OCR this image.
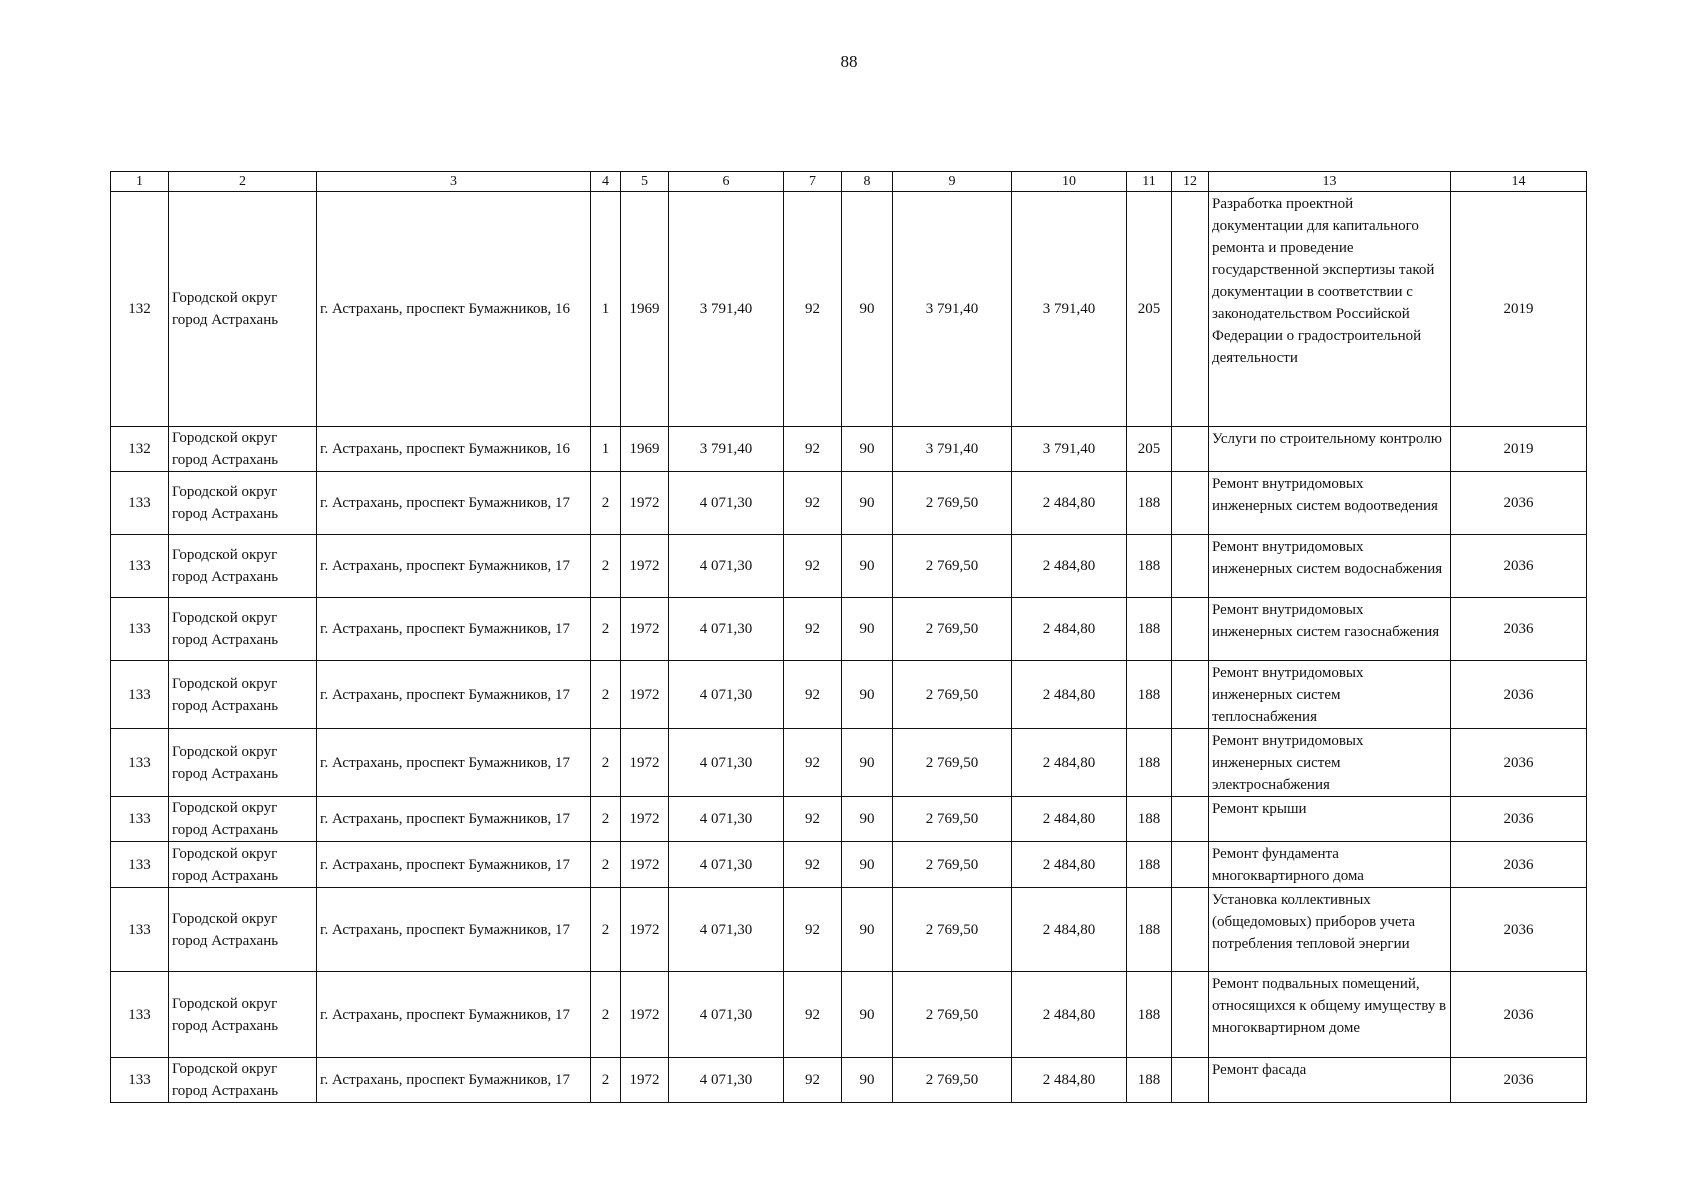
88
1	2	3	4	5	6	7	8	9	10	11	12	13	14
132	Городской округ город Астрахань	г. Астрахань, проспект Бумажников, 16	1	1969	3 791,40	92	90	3 791,40	3 791,40	205		Разработка проектной документации для капитального ремонта и проведение государственной экспертизы такой документации в соответствии с законодательством Российской Федерации о градостроительной деятельности	2019
132	Городской округ город Астрахань	г. Астрахань, проспект Бумажников, 16	1	1969	3 791,40	92	90	3 791,40	3 791,40	205		Услуги по строительному контролю	2019
133	Городской округ город Астрахань	г. Астрахань, проспект Бумажников, 17	2	1972	4 071,30	92	90	2 769,50	2 484,80	188		Ремонт внутридомовых инженерных систем водоотведения	2036
133	Городской округ город Астрахань	г. Астрахань, проспект Бумажников, 17	2	1972	4 071,30	92	90	2 769,50	2 484,80	188		Ремонт внутридомовых инженерных систем водоснабжения	2036
133	Городской округ город Астрахань	г. Астрахань, проспект Бумажников, 17	2	1972	4 071,30	92	90	2 769,50	2 484,80	188		Ремонт внутридомовых инженерных систем газоснабжения	2036
133	Городской округ город Астрахань	г. Астрахань, проспект Бумажников, 17	2	1972	4 071,30	92	90	2 769,50	2 484,80	188		Ремонт внутридомовых инженерных систем теплоснабжения	2036
133	Городской округ город Астрахань	г. Астрахань, проспект Бумажников, 17	2	1972	4 071,30	92	90	2 769,50	2 484,80	188		Ремонт внутридомовых инженерных систем электроснабжения	2036
133	Городской округ город Астрахань	г. Астрахань, проспект Бумажников, 17	2	1972	4 071,30	92	90	2 769,50	2 484,80	188		Ремонт крыши	2036
133	Городской округ город Астрахань	г. Астрахань, проспект Бумажников, 17	2	1972	4 071,30	92	90	2 769,50	2 484,80	188		Ремонт фундамента многоквартирного дома	2036
133	Городской округ город Астрахань	г. Астрахань, проспект Бумажников, 17	2	1972	4 071,30	92	90	2 769,50	2 484,80	188		Установка коллективных (общедомовых) приборов учета потребления тепловой энергии	2036
133	Городской округ город Астрахань	г. Астрахань, проспект Бумажников, 17	2	1972	4 071,30	92	90	2 769,50	2 484,80	188		Ремонт подвальных помещений, относящихся к общему имуществу в многоквартирном доме	2036
133	Городской округ город Астрахань	г. Астрахань, проспект Бумажников, 17	2	1972	4 071,30	92	90	2 769,50	2 484,80	188		Ремонт фасада	2036
